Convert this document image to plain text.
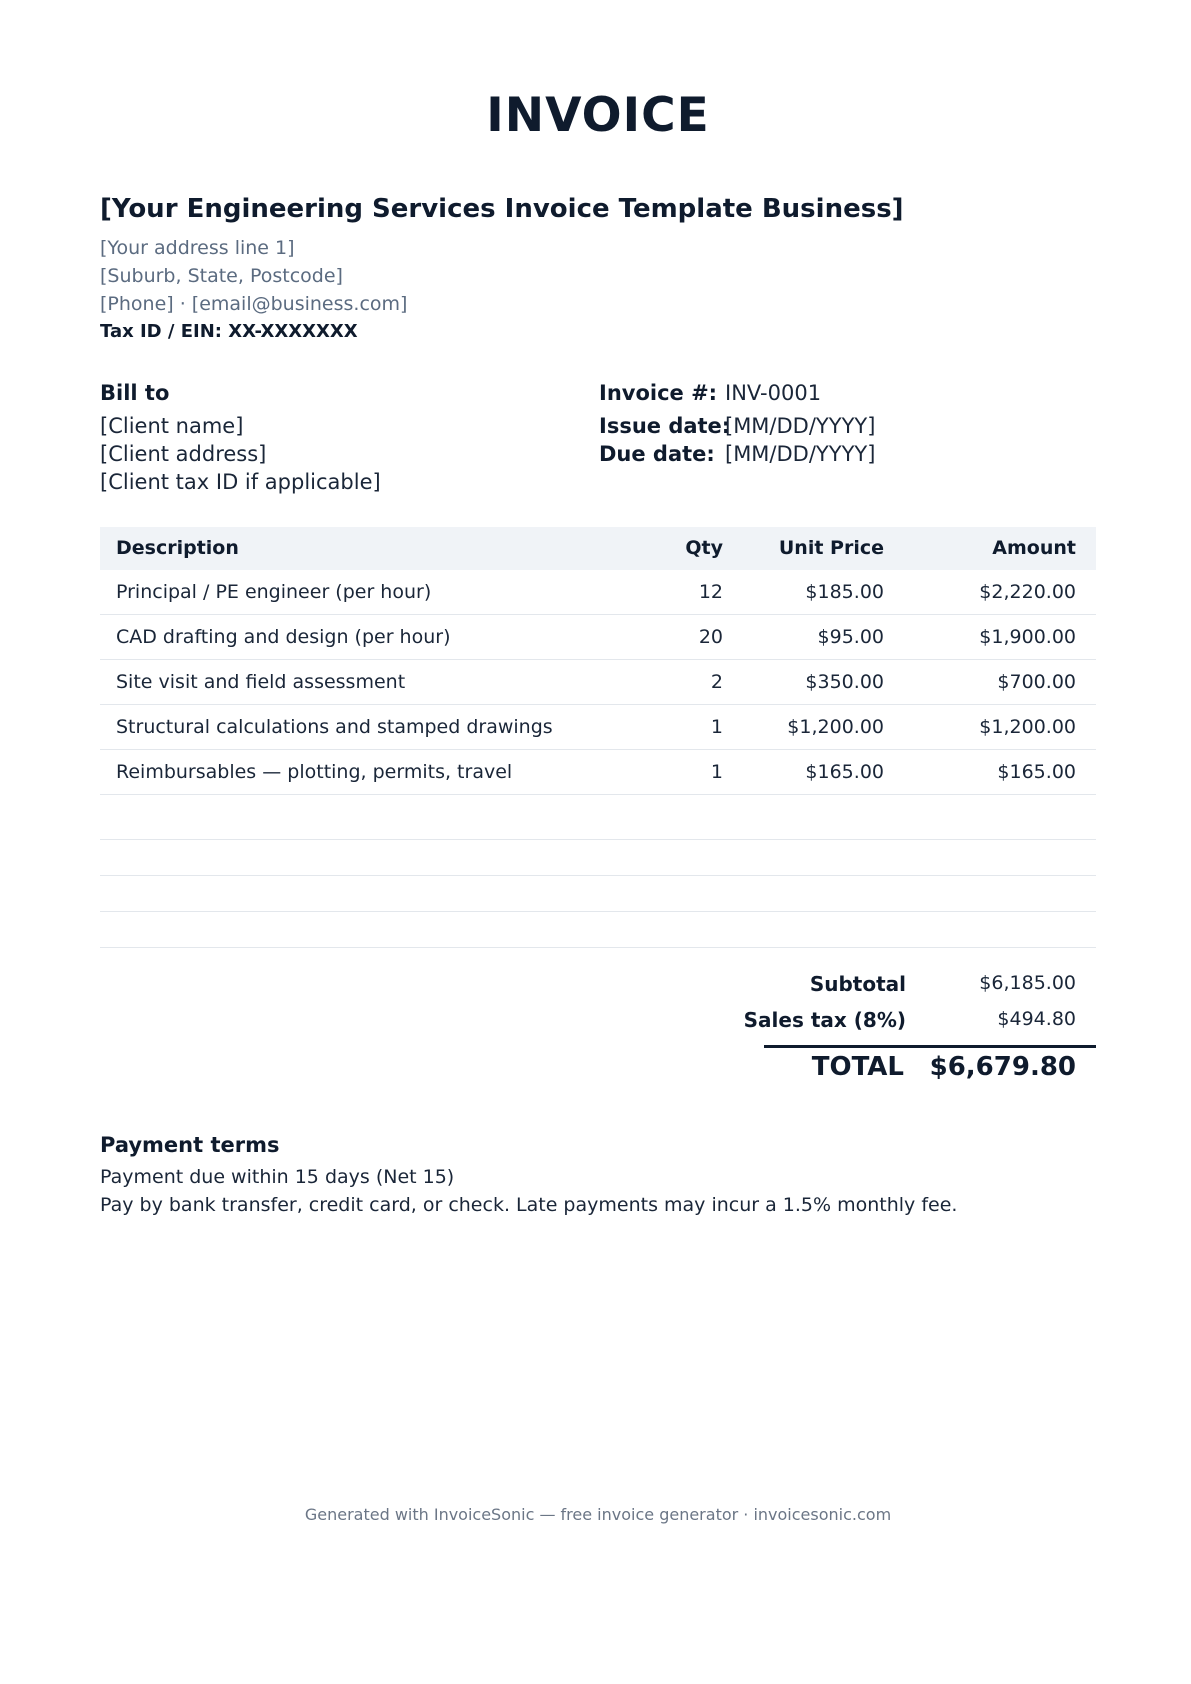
INVOICE
[Your Engineering Services Invoice Template Business]
[Your address line 1]
[Suburb, State, Postcode]
[Phone] · [email@business.com]
Tax ID / EIN: XX-XXXXXXX
Bill to
[Client name]
[Client address]
[Client tax ID if applicable]
Invoice #: INV-0001
Issue date:
[MM/DD/YYYY]
Due date: [MM/DD/YYYY]
Description	Qty	Unit Price	Amount
Principal / PE engineer (per hour)	12	$185.00	$2,220.00
CAD drafting and design (per hour)	20	$95.00	$1,900.00
Site visit and field assessment	2	$350.00	$700.00
Structural calculations and stamped drawings	1	$1,200.00	$1,200.00
Reimbursables — plotting, permits, travel	1	$165.00	$165.00
Subtotal	$6,185.00
Sales tax (8%)	$494.80
TOTAL $6,679.80
Payment terms
Payment due within 15 days (Net 15)
Pay by bank transfer, credit card, or check. Late payments may incur a 1.5% monthly fee.
Generated with InvoiceSonic — free invoice generator · invoicesonic.com
